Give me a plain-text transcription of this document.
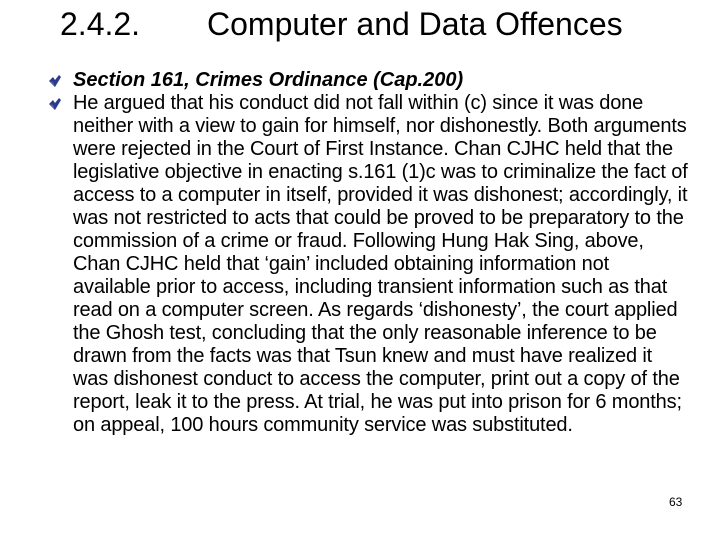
2.4.2. Computer and Data Offences
Section 161, Crimes Ordinance (Cap.200)
He argued that his conduct did not fall within (c) since it was done neither with a view to gain for himself, nor dishonestly. Both arguments were rejected in the Court of First Instance. Chan CJHC held that the legislative objective in enacting s.161 (1)c was to criminalize the fact of access to a computer in itself, provided it was dishonest; accordingly, it was not restricted to acts that could be proved to be preparatory to the commission of a crime or fraud. Following Hung Hak Sing, above, Chan CJHC held that ‘gain’ included obtaining information not available prior to access, including transient information such as that read on a computer screen. As regards ‘dishonesty’, the court applied the Ghosh test, concluding that the only reasonable inference to be drawn from the facts was that Tsun knew and must have realized it was dishonest conduct to access the computer, print out a copy of the report, leak it to the press. At trial, he was put into prison for 6 months; on appeal, 100 hours community service was substituted.
63
